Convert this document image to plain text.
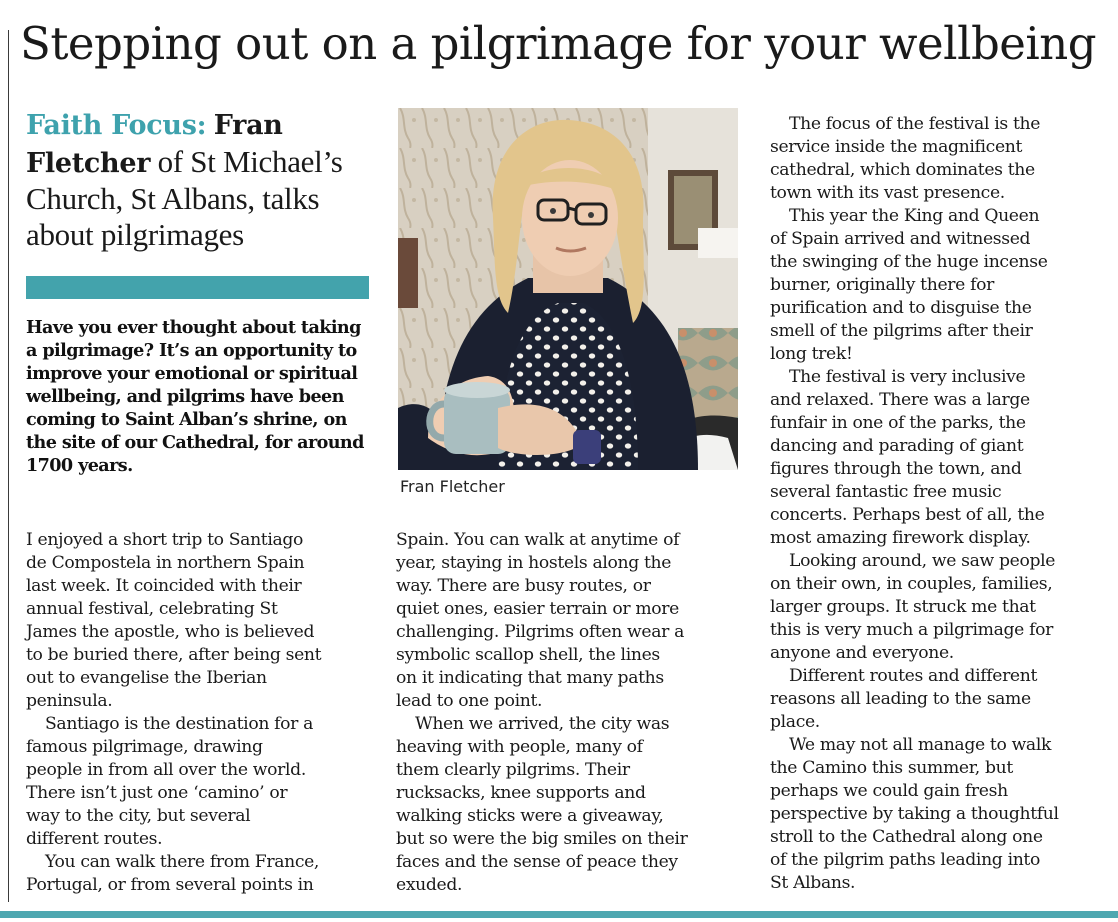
Stepping out on a pilgrimage for your wellbeing
Faith Focus: Fran Fletcher of St Michael’s Church, St Albans, talks about pilgrimages

Have you ever thought about taking a pilgrimage? It’s an opportunity to improve your emotional or spiritual wellbeing, and pilgrims have been coming to Saint Alban’s shrine, on the site of our Cathedral, for around 1700 years.

Fran Fletcher
I enjoyed a short trip to Santiago
de Compostela in northern Spain
last week. It coincided with their
annual festival, celebrating St
James the apostle, who is believed
to be buried there, after being sent
out to evangelise the Iberian
peninsula.
Santiago is the destination for a
famous pilgrimage, drawing
people in from all over the world.
There isn’t just one ‘camino’ or
way to the city, but several
different routes.
You can walk there from France,
Portugal, or from several points in
Spain. You can walk at anytime of
year, staying in hostels along the
way. There are busy routes, or
quiet ones, easier terrain or more
challenging. Pilgrims often wear a
symbolic scallop shell, the lines
on it indicating that many paths
lead to one point.
When we arrived, the city was
heaving with people, many of
them clearly pilgrims. Their
rucksacks, knee supports and
walking sticks were a giveaway,
but so were the big smiles on their
faces and the sense of peace they
exuded.
The focus of the festival is the
service inside the magnificent
cathedral, which dominates the
town with its vast presence.
This year the King and Queen
of Spain arrived and witnessed
the swinging of the huge incense
burner, originally there for
purification and to disguise the
smell of the pilgrims after their
long trek!
The festival is very inclusive
and relaxed. There was a large
funfair in one of the parks, the
dancing and parading of giant
figures through the town, and
several fantastic free music
concerts. Perhaps best of all, the
most amazing firework display.
Looking around, we saw people
on their own, in couples, families,
larger groups. It struck me that
this is very much a pilgrimage for
anyone and everyone.
Different routes and different
reasons all leading to the same
place.
We may not all manage to walk
the Camino this summer, but
perhaps we could gain fresh
perspective by taking a thoughtful
stroll to the Cathedral along one
of the pilgrim paths leading into
St Albans.
